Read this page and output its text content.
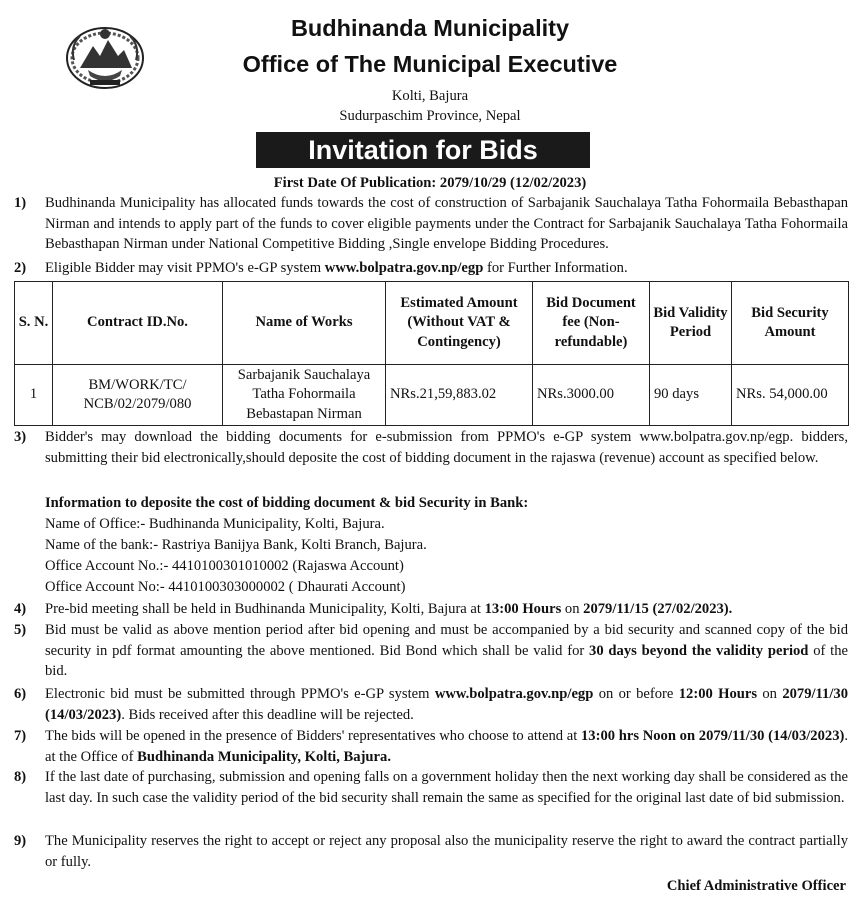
Budhinanda Municipality
Office of The Municipal Executive
Kolti, Bajura
Sudurpaschim Province, Nepal
Invitation for Bids
First Date Of Publication: 2079/10/29 (12/02/2023)
1)	Budhinanda Municipality has allocated funds towards the cost of construction of Sarbajanik Sauchalaya Tatha Fohormaila Bebasthapan Nirman and intends to apply part of the funds to cover eligible payments under the Contract for Sarbajanik Sauchalaya Tatha Fohormaila Bebasthapan Nirman under National Competitive Bidding ,Single envelope Bidding Procedures.
2)	Eligible Bidder may visit PPMO's e-GP system www.bolpatra.gov.np/egp for Further Information.
S. N.	Contract ID.No.	Name of Works	Estimated Amount (Without VAT & Contingency)	Bid Document fee (Non-refundable)	Bid Validity Period	Bid Security Amount
1	BM/WORK/TC/ NCB/02/2079/080	Sarbajanik Sauchalaya Tatha Fohormaila Bebastapan Nirman	NRs.21,59,883.02	NRs.3000.00	90 days	NRs. 54,000.00
3)	Bidder's may download the bidding documents for e-submission from PPMO's e-GP system www.bolpatra.gov.np/egp. bidders, submitting their bid electronically,should deposite the cost of bidding document in the rajaswa (revenue) account as specified below.
Information to deposite the cost of bidding document & bid Security in Bank:
Name of Office:- Budhinanda Municipality, Kolti, Bajura.
Name of the bank:- Rastriya Banijya Bank, Kolti Branch, Bajura.
Office Account No.:- 4410100301010002 (Rajaswa Account)
Office Account No:- 4410100303000002 ( Dhaurati Account)
4)	Pre-bid meeting shall be held in Budhinanda Municipality, Kolti, Bajura at 13:00 Hours on 2079/11/15 (27/02/2023).
5)	Bid must be valid as above mention period after bid opening and must be accompanied by a bid security and scanned copy of the bid security in pdf format amounting the above mentioned. Bid Bond which shall be valid for 30 days beyond the validity period of the bid.
6)	Electronic bid must be submitted through PPMO's e-GP system www.bolpatra.gov.np/egp on or before 12:00 Hours on 2079/11/30 (14/03/2023). Bids received after this deadline will be rejected.
7)	The bids will be opened in the presence of Bidders' representatives who choose to attend at 13:00 hrs Noon on 2079/11/30 (14/03/2023). at the Office of Budhinanda Municipality, Kolti, Bajura.
8)	If the last date of purchasing, submission and opening falls on a government holiday then the next working day shall be considered as the last day. In such case the validity period of the bid security shall remain the same as specified for the original last date of bid submission.
9)	The Municipality reserves the right to accept or reject any proposal also the municipality reserve the right to award the contract partially or fully.
Chief Administrative Officer
